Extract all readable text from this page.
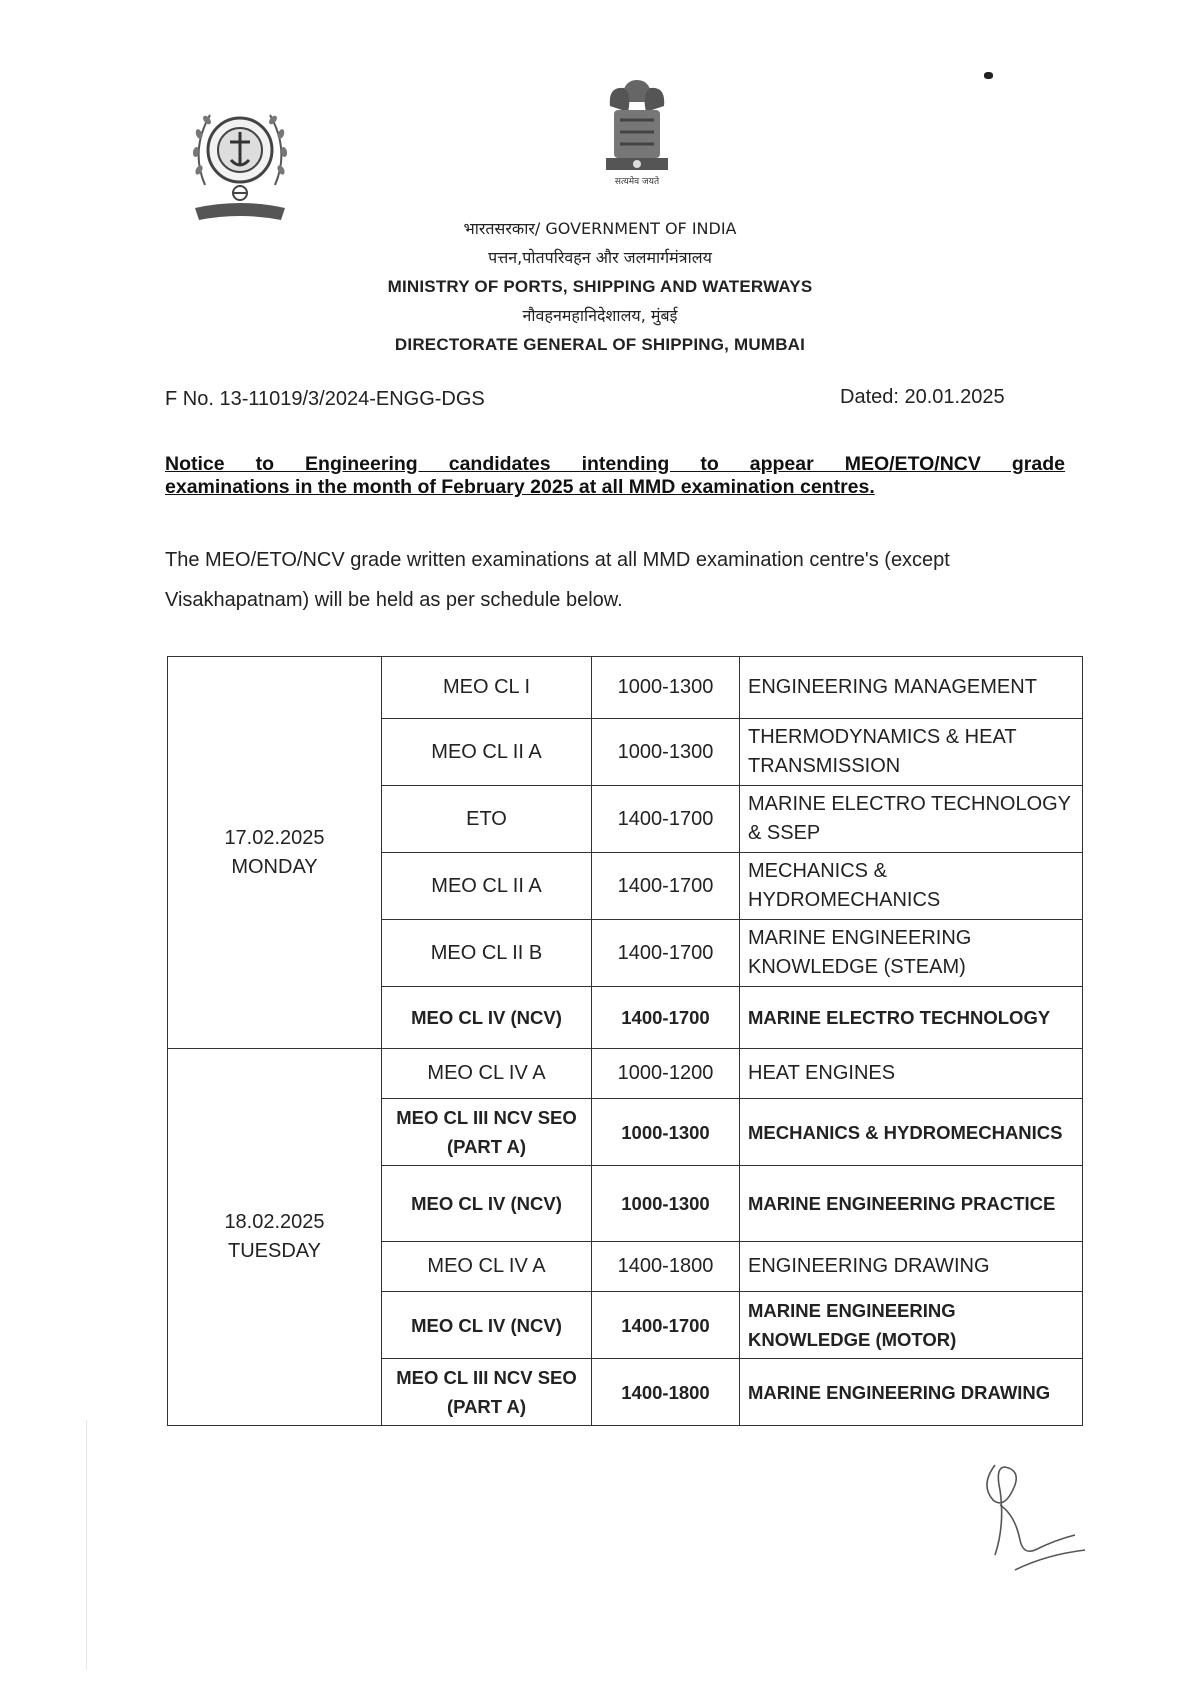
सत्यमेव जयते
भारतसरकार/ GOVERNMENT OF INDIA
पत्तन,पोतपरिवहन और जलमार्गमंत्रालय
MINISTRY OF PORTS, SHIPPING AND WATERWAYS
नौवहनमहानिदेशालय, मुंबई
DIRECTORATE GENERAL OF SHIPPING, MUMBAI
F No. 13-11019/3/2024-ENGG-DGS	Dated: 20.01.2025
Notice to Engineering candidates intending to appear MEO/ETO/NCV grade
examinations in the month of February 2025 at all MMD examination centres.
The MEO/ETO/NCV grade written examinations at all MMD examination centre's (except Visakhapatnam) will be held as per schedule below.
17.02.2025
MONDAY	MEO CL I	1000-1300	ENGINEERING MANAGEMENT
	MEO CL II A	1000-1300	THERMODYNAMICS & HEAT TRANSMISSION
	ETO	1400-1700	MARINE ELECTRO TECHNOLOGY & SSEP
	MEO CL II A	1400-1700	MECHANICS & HYDROMECHANICS
	MEO CL II B	1400-1700	MARINE ENGINEERING KNOWLEDGE (STEAM)
	MEO CL IV (NCV)	1400-1700	MARINE ELECTRO TECHNOLOGY

18.02.2025
TUESDAY	MEO CL IV A	1000-1200	HEAT ENGINES
	MEO CL III NCV SEO (PART A)	1000-1300	MECHANICS & HYDROMECHANICS
	MEO CL IV (NCV)	1000-1300	MARINE ENGINEERING PRACTICE
	MEO CL IV A	1400-1800	ENGINEERING DRAWING
	MEO CL IV (NCV)	1400-1700	MARINE ENGINEERING KNOWLEDGE (MOTOR)
	MEO CL III NCV SEO (PART A)	1400-1800	MARINE ENGINEERING DRAWING
